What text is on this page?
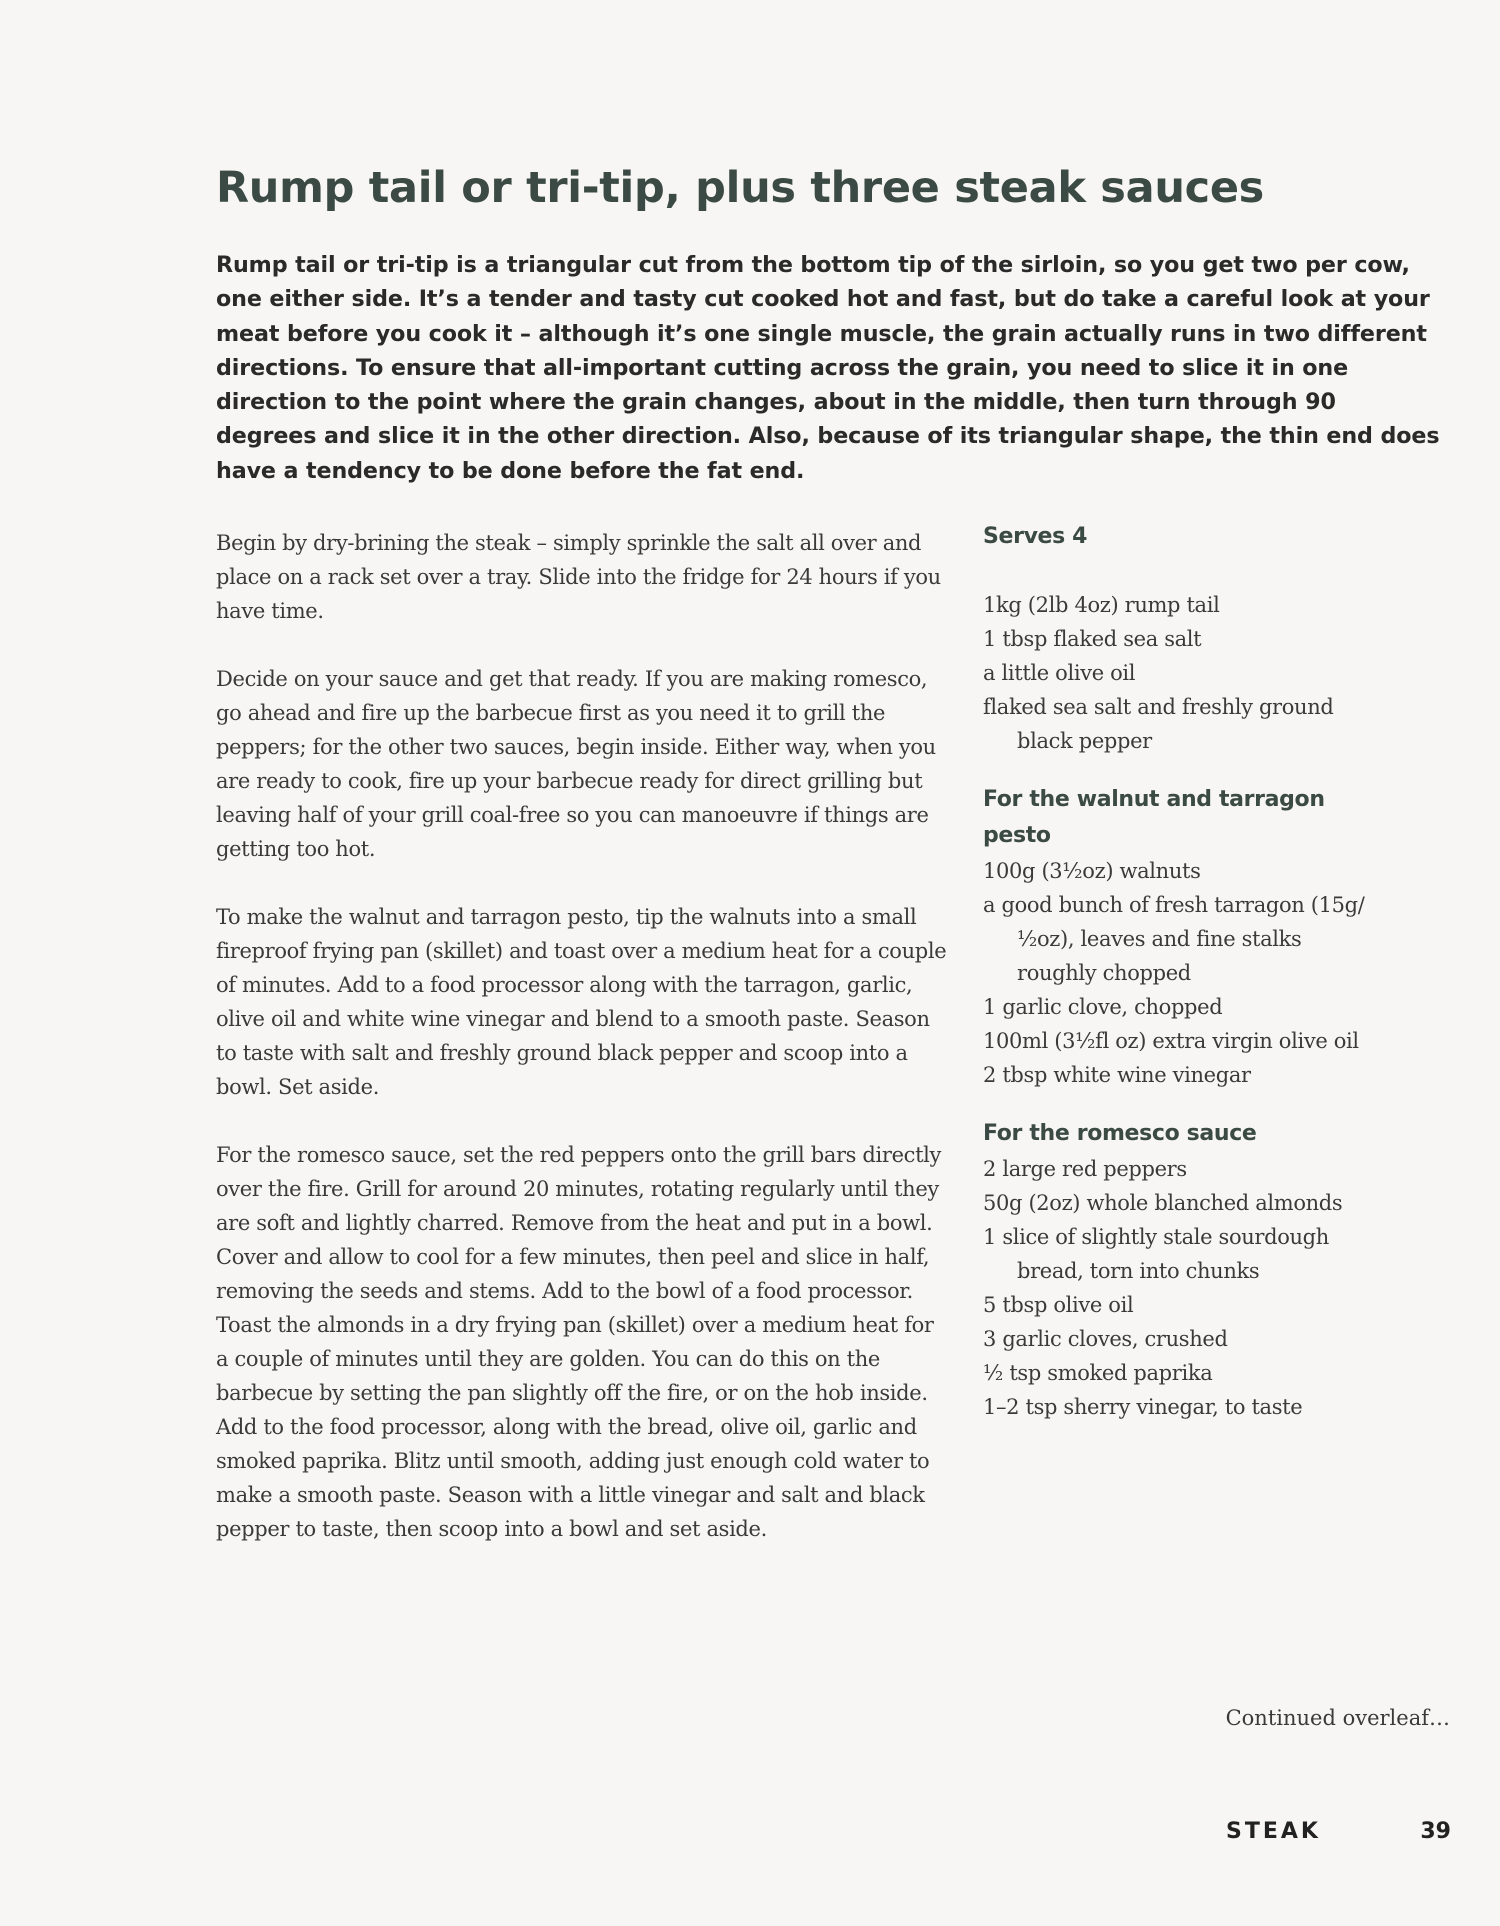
Rump tail or tri-tip, plus three steak sauces

Rump tail or tri-tip is a triangular cut from the bottom tip of the sirloin, so you get two per cow, one either side. It’s a tender and tasty cut cooked hot and fast, but do take a careful look at your meat before you cook it – although it’s one single muscle, the grain actually runs in two different directions. To ensure that all-important cutting across the grain, you need to slice it in one direction to the point where the grain changes, about in the middle, then turn through 90 degrees and slice it in the other direction. Also, because of its triangular shape, the thin end does have a tendency to be done before the fat end.

Begin by dry-brining the steak – simply sprinkle the salt all over and place on a rack set over a tray. Slide into the fridge for 24 hours if you have time.

Decide on your sauce and get that ready. If you are making romesco, go ahead and fire up the barbecue first as you need it to grill the peppers; for the other two sauces, begin inside. Either way, when you are ready to cook, fire up your barbecue ready for direct grilling but leaving half of your grill coal-free so you can manoeuvre if things are getting too hot.

To make the walnut and tarragon pesto, tip the walnuts into a small fireproof frying pan (skillet) and toast over a medium heat for a couple of minutes. Add to a food processor along with the tarragon, garlic, olive oil and white wine vinegar and blend to a smooth paste. Season to taste with salt and freshly ground black pepper and scoop into a bowl. Set aside.

For the romesco sauce, set the red peppers onto the grill bars directly over the fire. Grill for around 20 minutes, rotating regularly until they are soft and lightly charred. Remove from the heat and put in a bowl. Cover and allow to cool for a few minutes, then peel and slice in half, removing the seeds and stems. Add to the bowl of a food processor. Toast the almonds in a dry frying pan (skillet) over a medium heat for a couple of minutes until they are golden. You can do this on the barbecue by setting the pan slightly off the fire, or on the hob inside. Add to the food processor, along with the bread, olive oil, garlic and smoked paprika. Blitz until smooth, adding just enough cold water to make a smooth paste. Season with a little vinegar and salt and black pepper to taste, then scoop into a bowl and set aside.

Serves 4
1kg (2lb 4oz) rump tail
1 tbsp flaked sea salt
a little olive oil
flaked sea salt and freshly ground black pepper
For the walnut and tarragon pesto
100g (3½oz) walnuts
a good bunch of fresh tarragon (15g/½oz), leaves and fine stalks roughly chopped
1 garlic clove, chopped
100ml (3½fl oz) extra virgin olive oil
2 tbsp white wine vinegar
For the romesco sauce
2 large red peppers
50g (2oz) whole blanched almonds
1 slice of slightly stale sourdough bread, torn into chunks
5 tbsp olive oil
3 garlic cloves, crushed
½ tsp smoked paprika
1–2 tsp sherry vinegar, to taste
Continued overleaf…
STEAK	39
